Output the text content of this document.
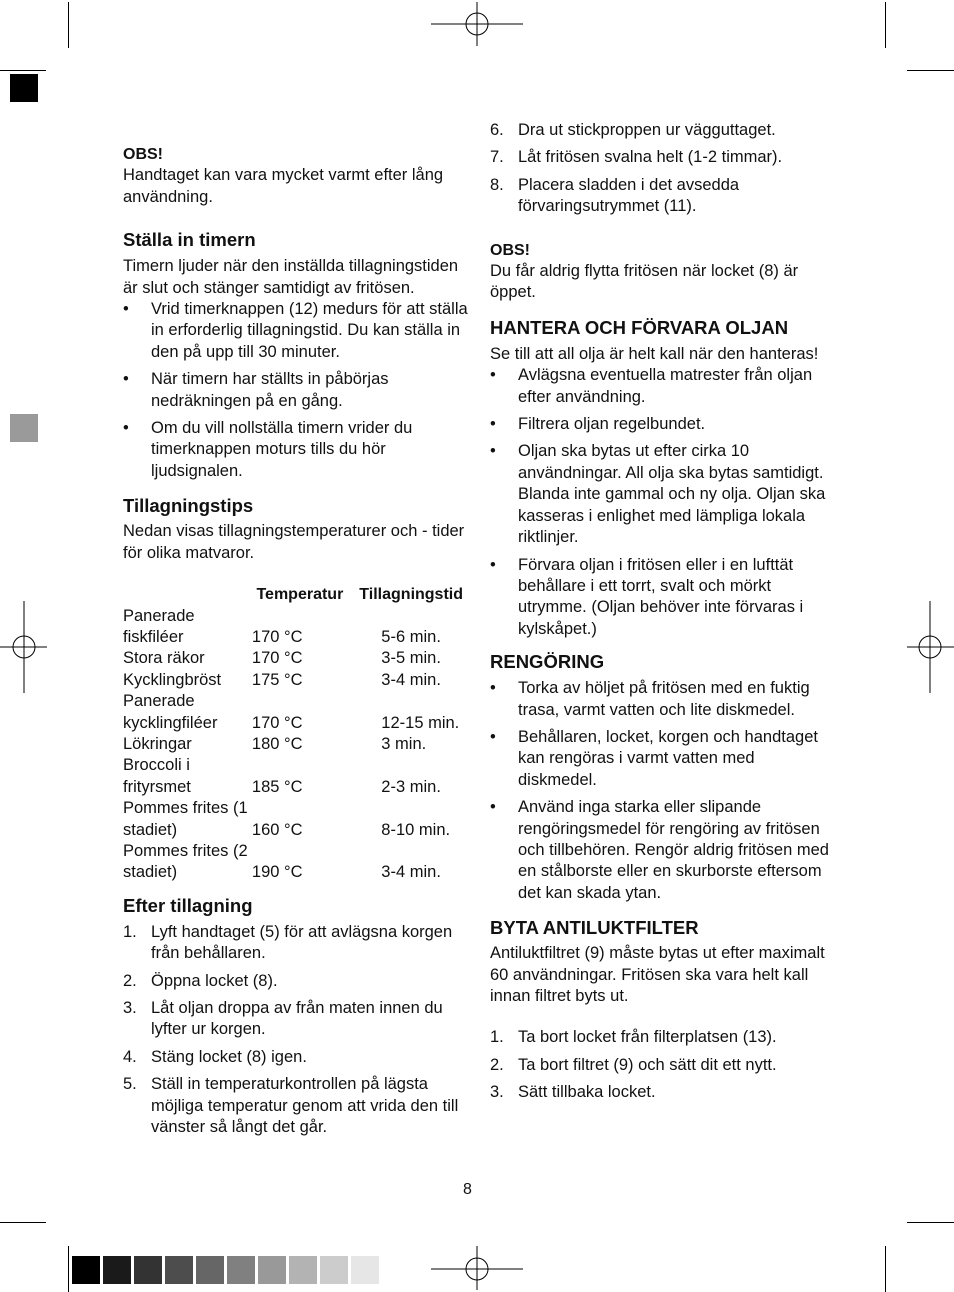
OBS!

Handtaget kan vara mycket varmt efter lång användning.

Ställa in timern

Timern ljuder när den inställda tillagningstiden är slut och stänger samtidigt av fritösen.

• Vrid timerknappen (12) medurs för att ställa in erforderlig tillagningstid. Du kan ställa in den på upp till 30 minuter.
• När timern har ställts in påbörjas nedräkningen på en gång.
• Om du vill nollställa timern vrider du timerknappen moturs tills du hör ljudsignalen.
Tillagningstips

Nedan visas tillagningstemperaturer och - tider för olika matvaror.

	Temperatur	Tillagningstid
Panerade fiskfiléer	170 °C	5-6 min.
Stora räkor	170 °C	3-5 min.
Kycklingbröst	175 °C	3-4 min.
Panerade kycklingfiléer	170 °C	12-15 min.
Lökringar	180 °C	3 min.
Broccoli i frityrsmet	185 °C	2-3 min.
Pommes frites (1 stadiet)	160 °C	8-10 min.
Pommes frites (2 stadiet)	190 °C	3-4 min.
Efter tillagning
1. Lyft handtaget (5) för att avlägsna korgen från behållaren.
2. Öppna locket (8).
3. Låt oljan droppa av från maten innen du lyfter ur korgen.
4. Stäng locket (8) igen.
5. Ställ in temperaturkontrollen på lägsta möjliga temperatur genom att vrida den till vänster så långt det går.
6. Dra ut stickproppen ur vägguttaget.
7. Låt fritösen svalna helt (1-2 timmar).
8. Placera sladden i det avsedda förvaringsutrymmet (11).

OBS!

Du får aldrig flytta fritösen när locket (8) är öppet.

HANTERA OCH FÖRVARA OLJAN

Se till att all olja är helt kall när den hanteras!

• Avlägsna eventuella matrester från oljan efter användning.
• Filtrera oljan regelbundet.
• Oljan ska bytas ut efter cirka 10 användningar. All olja ska bytas samtidigt. Blanda inte gammal och ny olja. Oljan ska kasseras i enlighet med lämpliga lokala riktlinjer.
• Förvara oljan i fritösen eller i en lufttät behållare i ett torrt, svalt och mörkt utrymme. (Oljan behöver inte förvaras i kylskåpet.)
RENGÖRING
• Torka av höljet på fritösen med en fuktig trasa, varmt vatten och lite diskmedel.
• Behållaren, locket, korgen och handtaget kan rengöras i varmt vatten med diskmedel.
• Använd inga starka eller slipande rengöringsmedel för rengöring av fritösen och tillbehören. Rengör aldrig fritösen med en stålborste eller en skurborste eftersom det kan skada ytan.
BYTA ANTILUKTFILTER

Antiluktfiltret (9) måste bytas ut efter maximalt 60 användningar. Fritösen ska vara helt kall innan filtret byts ut.

1. Ta bort locket från filterplatsen (13).
2. Ta bort filtret (9) och sätt dit ett nytt.
3. Sätt tillbaka locket.
8
